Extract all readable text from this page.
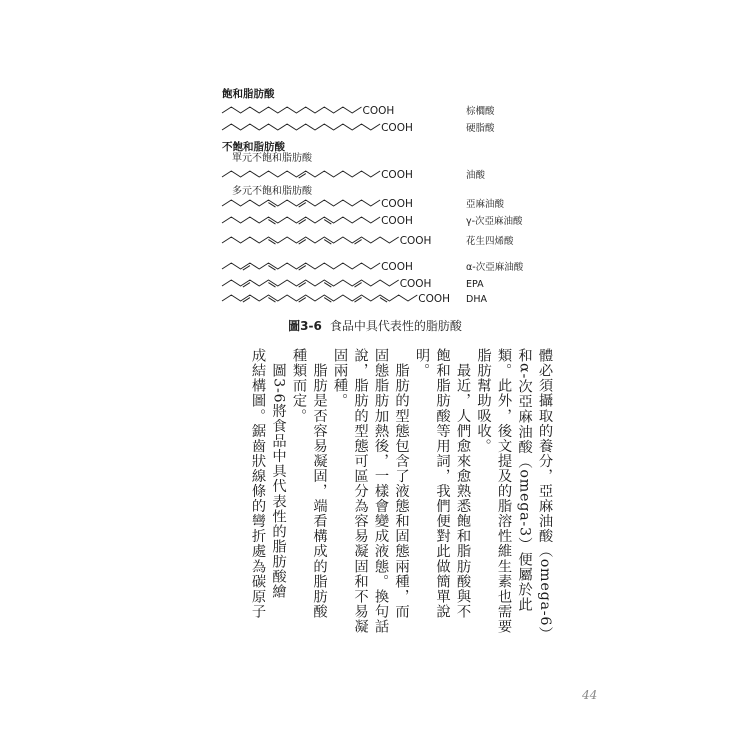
飽和脂肪酸
不飽和脂肪酸
單元不飽和脂肪酸
多元不飽和脂肪酸
COOH	棕櫚酸
COOH	硬脂酸
COOH	油酸
COOH	亞麻油酸
COOH	γ-次亞麻油酸
COOH	花生四烯酸
COOH	α-次亞麻油酸
COOH	EPA
COOH DHA
圖3-6 食品中具代表性的脂肪酸

體必須攝取的養分，亞麻油酸（omega-6）

和α-次亞麻油酸（omega-3）便屬於此

類。此外，後文提及的脂溶性維生素也需要

脂肪幫助吸收。

　最近，人們愈來愈熟悉飽和脂肪酸與不

飽和脂肪酸等用詞，我們便對此做簡單說

明。

　脂肪的型態包含了液態和固態兩種，而

固態脂肪加熱後，一樣會變成液態。換句話

說，脂肪的型態可區分為容易凝固和不易凝

固兩種。

　脂肪是否容易凝固，端看構成的脂肪酸

種類而定。

　圖3-6將食品中具代表性的脂肪酸繪

成結構圖。鋸齒狀線條的彎折處為碳原子

44
